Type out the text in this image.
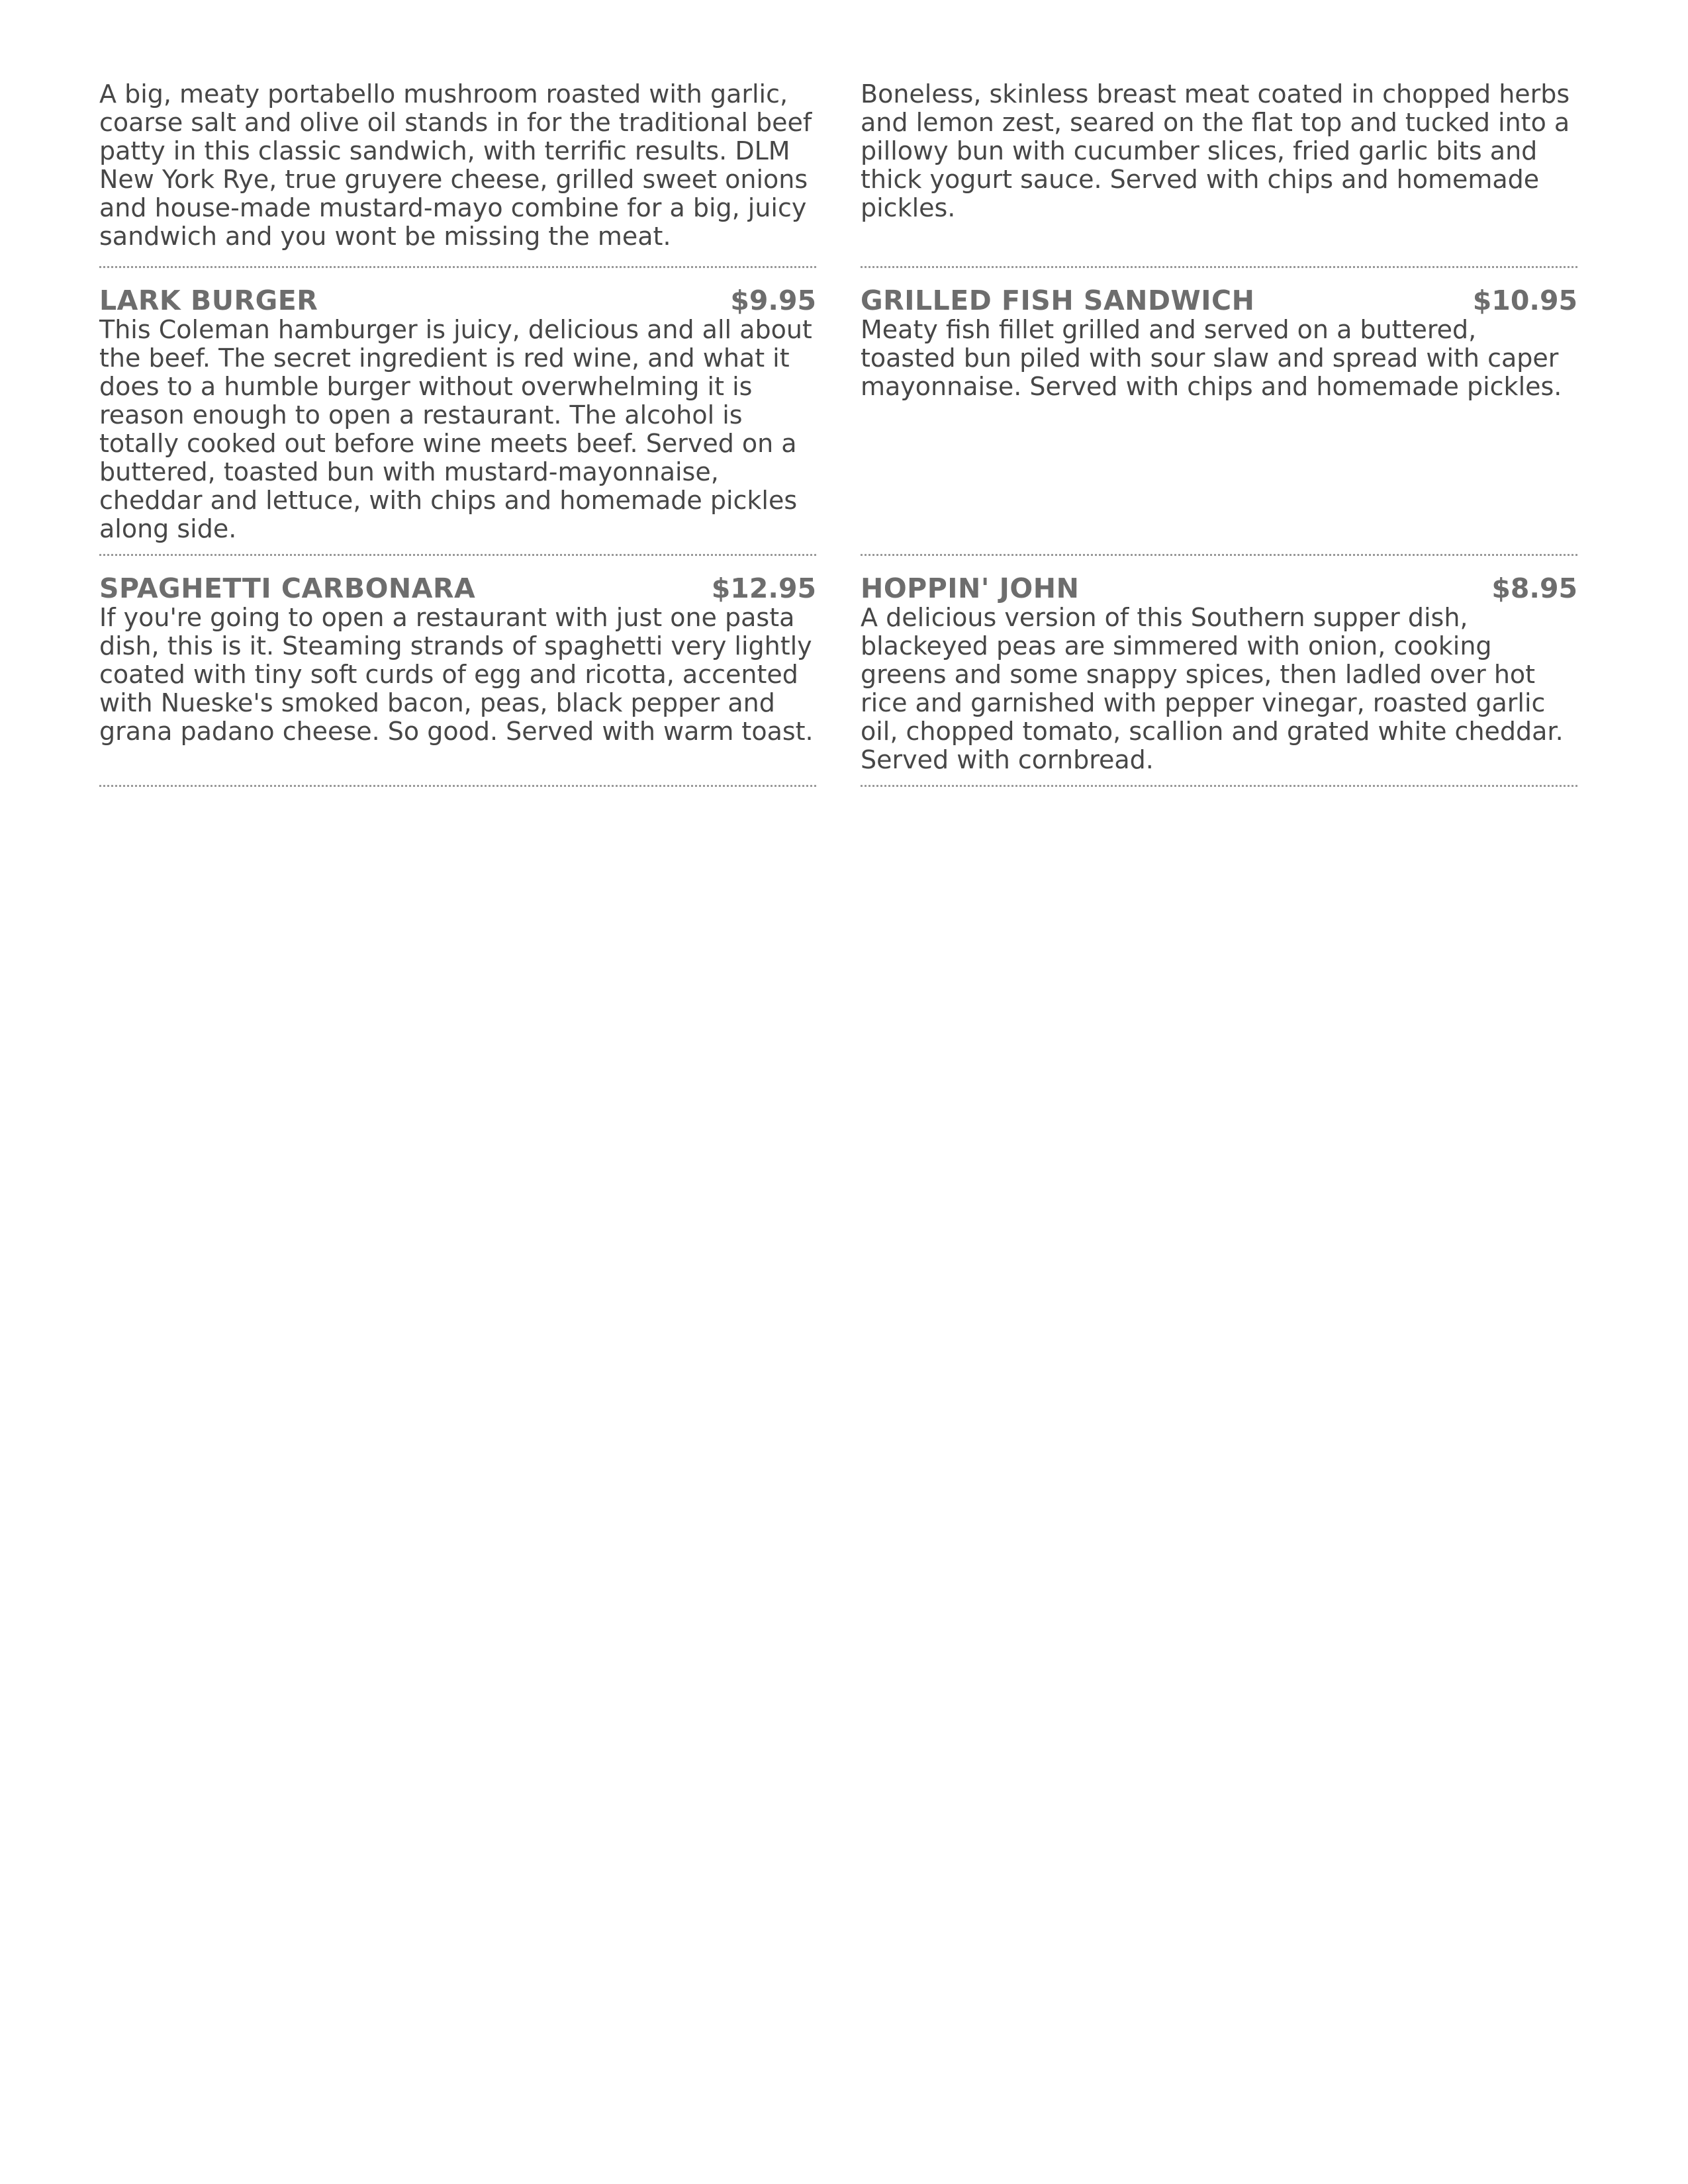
A big, meaty portabello mushroom roasted with garlic, coarse salt and olive oil stands in for the traditional beef patty in this classic sandwich, with terrific results. DLM New York Rye, true gruyere cheese, grilled sweet onions and house-made mustard-mayo combine for a big, juicy sandwich and you wont be missing the meat.
Boneless, skinless breast meat coated in chopped herbs and lemon zest, seared on the flat top and tucked into a pillowy bun with cucumber slices, fried garlic bits and thick yogurt sauce. Served with chips and homemade pickles.
LARK BURGER	$9.95
This Coleman hamburger is juicy, delicious and all about the beef. The secret ingredient is red wine, and what it does to a humble burger without overwhelming it is reason enough to open a restaurant. The alcohol is totally cooked out before wine meets beef. Served on a buttered, toasted bun with mustard-mayonnaise, cheddar and lettuce, with chips and homemade pickles along side.
GRILLED FISH SANDWICH	$10.95
Meaty fish fillet grilled and served on a buttered, toasted bun piled with sour slaw and spread with caper mayonnaise. Served with chips and homemade pickles.
SPAGHETTI CARBONARA	$12.95
If you're going to open a restaurant with just one pasta dish, this is it. Steaming strands of spaghetti very lightly coated with tiny soft curds of egg and ricotta, accented with Nueske's smoked bacon, peas, black pepper and grana padano cheese. So good. Served with warm toast.
HOPPIN' JOHN	$8.95
A delicious version of this Southern supper dish, blackeyed peas are simmered with onion, cooking greens and some snappy spices, then ladled over hot rice and garnished with pepper vinegar, roasted garlic oil, chopped tomato, scallion and grated white cheddar. Served with cornbread.
